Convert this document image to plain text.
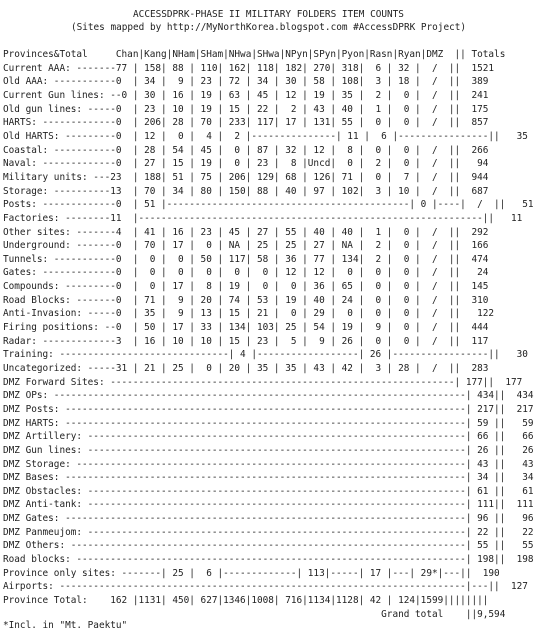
ACCESSDPRK-PHASE II MILITARY FOLDERS ITEM COUNTS
(Sites mapped by http://MyNorthKorea.blogspot.com #AccessDPRK Project)
Provinces&Total     Chan|Kang|NHam|SHam|NHwa|SHwa|NPyn|SPyn|Pyon|Rasn|Ryan|DMZ  || Totals
Current AAA: -------77 | 158| 88 | 110| 162| 118| 182| 270| 318|  6 | 32 |  /  ||  1521
Old AAA: -----------0  | 34 |  9 | 23 | 72 | 34 | 30 | 58 | 108|  3 | 18 |  /  ||  389
Current Gun lines: --0 | 30 | 16 | 19 | 63 | 45 | 12 | 19 | 35 |  2 |  0 |  /  ||  241
Old gun lines: -----0  | 23 | 10 | 19 | 15 | 22 |  2 | 43 | 40 |  1 |  0 |  /  ||  175
HARTS: -------------0  | 206| 28 | 70 | 233| 117| 17 | 131| 55 |  0 |  0 |  /  ||  857
Old HARTS: ---------0  | 12 |  0 |  4 |  2 |---------------| 11 |  6 |----------------||   35
Coastal: -----------0  | 28 | 54 | 45 |  0 | 87 | 32 | 12 |  8 |  0 |  0 |  /  ||  266
Naval: -------------0  | 27 | 15 | 19 |  0 | 23 |  8 |Uncd|  0 |  2 |  0 |  /  ||   94
Military units: ---23  | 188| 51 | 75 | 206| 129| 68 | 126| 71 |  0 |  7 |  /  ||  944
Storage: ----------13  | 70 | 34 | 80 | 150| 88 | 40 | 97 | 102|  3 | 10 |  /  ||  687
Posts: -------------0  | 51 |-------------------------------------------| 0 |----|  /  ||   51
Factories: --------11  |-------------------------------------------------------------||   11
Other sites: -------4  | 41 | 16 | 23 | 45 | 27 | 55 | 40 | 40 |  1 |  0 |  /  ||  292
Underground: -------0  | 70 | 17 |  0 | NA | 25 | 25 | 27 | NA |  2 |  0 |  /  ||  166
Tunnels: -----------0  |  0 |  0 | 50 | 117| 58 | 36 | 77 | 134|  2 |  0 |  /  ||  474
Gates: -------------0  |  0 |  0 |  0 |  0 |  0 | 12 | 12 |  0 |  0 |  0 |  /  ||   24
Compounds: ---------0  |  0 | 17 |  8 | 19 |  0 |  0 | 36 | 65 |  0 |  0 |  /  ||  145
Road Blocks: -------0  | 71 |  9 | 20 | 74 | 53 | 19 | 40 | 24 |  0 |  0 |  /  ||  310
Anti-Invasion: -----0  | 35 |  9 | 13 | 15 | 21 |  0 | 29 |  0 |  0 |  0 |  /  ||   122
Firing positions: --0  | 50 | 17 | 33 | 134| 103| 25 | 54 | 19 |  9 |  0 |  /  ||  444
Radar: -------------3  | 16 | 10 | 10 | 15 | 23 |  5 |  9 | 26 |  0 |  0 |  /  ||  117
Training: ------------------------------| 4 |------------------| 26 |-----------------||   30
Uncategorized: -----31 | 21 | 25 |  0 | 20 | 35 | 35 | 43 | 42 |  3 | 28 |  /  ||  283
DMZ Forward Sites: -------------------------------------------------------------| 177||  177
DMZ OPs: -------------------------------------------------------------------------| 434||  434
DMZ Posts: -----------------------------------------------------------------------| 217||  217
DMZ HARTS: -----------------------------------------------------------------------| 59 ||   59
DMZ Artillery: -------------------------------------------------------------------| 66 ||   66
DMZ Gun lines: -------------------------------------------------------------------| 26 ||   26
DMZ Storage: ---------------------------------------------------------------------| 43 ||   43
DMZ Bases: -----------------------------------------------------------------------| 34 ||   34
DMZ Obstacles: -------------------------------------------------------------------| 61 ||   61
DMZ Anti-tank: -------------------------------------------------------------------| 111||  111
DMZ Gates: -----------------------------------------------------------------------| 96 ||   96
DMZ Panmeujom: -------------------------------------------------------------------| 22 ||   22
DMZ Others: ----------------------------------------------------------------------| 55 ||   55
Road blocks: ---------------------------------------------------------------------| 198||  198
Province only sites: -------| 25 |  6 |-------------| 113|-----| 17 |---| 29*|---||  190
Airports: ------------------------------------------------------------------------|---||  127
Province Total:    162 |1131| 450| 627|1346|1008| 716|1134|1128| 42 | 124|1599||||||||
Grand total    ||9,594
*Incl. in "Mt. Paektu"
